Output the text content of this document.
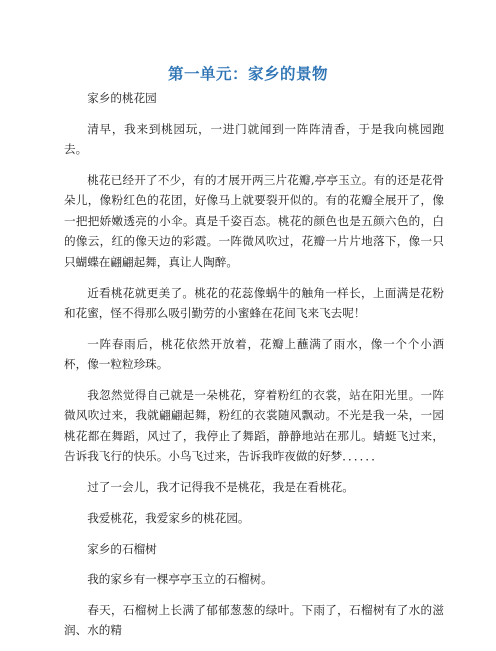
第一单元：家乡的景物

家乡的桃花园

清早，我来到桃园玩，一进门就闻到一阵阵清香，于是我向桃园跑去。

桃花已经开了不少，有的才展开两三片花瓣,亭亭玉立。有的还是花骨朵儿，像粉红色的花团，好像马上就要裂开似的。有的花瓣全展开了，像一把把娇嫩透亮的小伞。真是千姿百态。桃花的颜色也是五颜六色的，白的像云，红的像天边的彩霞。一阵微风吹过，花瓣一片片地落下，像一只只蝴蝶在翩翩起舞，真让人陶醉。

近看桃花就更美了。桃花的花蕊像蜗牛的触角一样长，上面满是花粉和花蜜，怪不得那么吸引勤劳的小蜜蜂在花间飞来飞去呢！

一阵春雨后，桃花依然开放着，花瓣上蘸满了雨水，像一个个小酒杯，像一粒粒珍珠。

我忽然觉得自己就是一朵桃花，穿着粉红的衣裳，站在阳光里。一阵微风吹过来，我就翩翩起舞，粉红的衣裳随风飘动。不光是我一朵，一园桃花都在舞蹈，风过了，我停止了舞蹈，静静地站在那儿。蜻蜓飞过来，告诉我飞行的快乐。小鸟飞过来，告诉我昨夜做的好梦．．．．．．

过了一会儿，我才记得我不是桃花，我是在看桃花。

我爱桃花，我爱家乡的桃花园。

家乡的石榴树

我的家乡有一棵亭亭玉立的石榴树。

春天，石榴树上长满了郁郁葱葱的绿叶。下雨了，石榴树有了水的滋润、水的精
